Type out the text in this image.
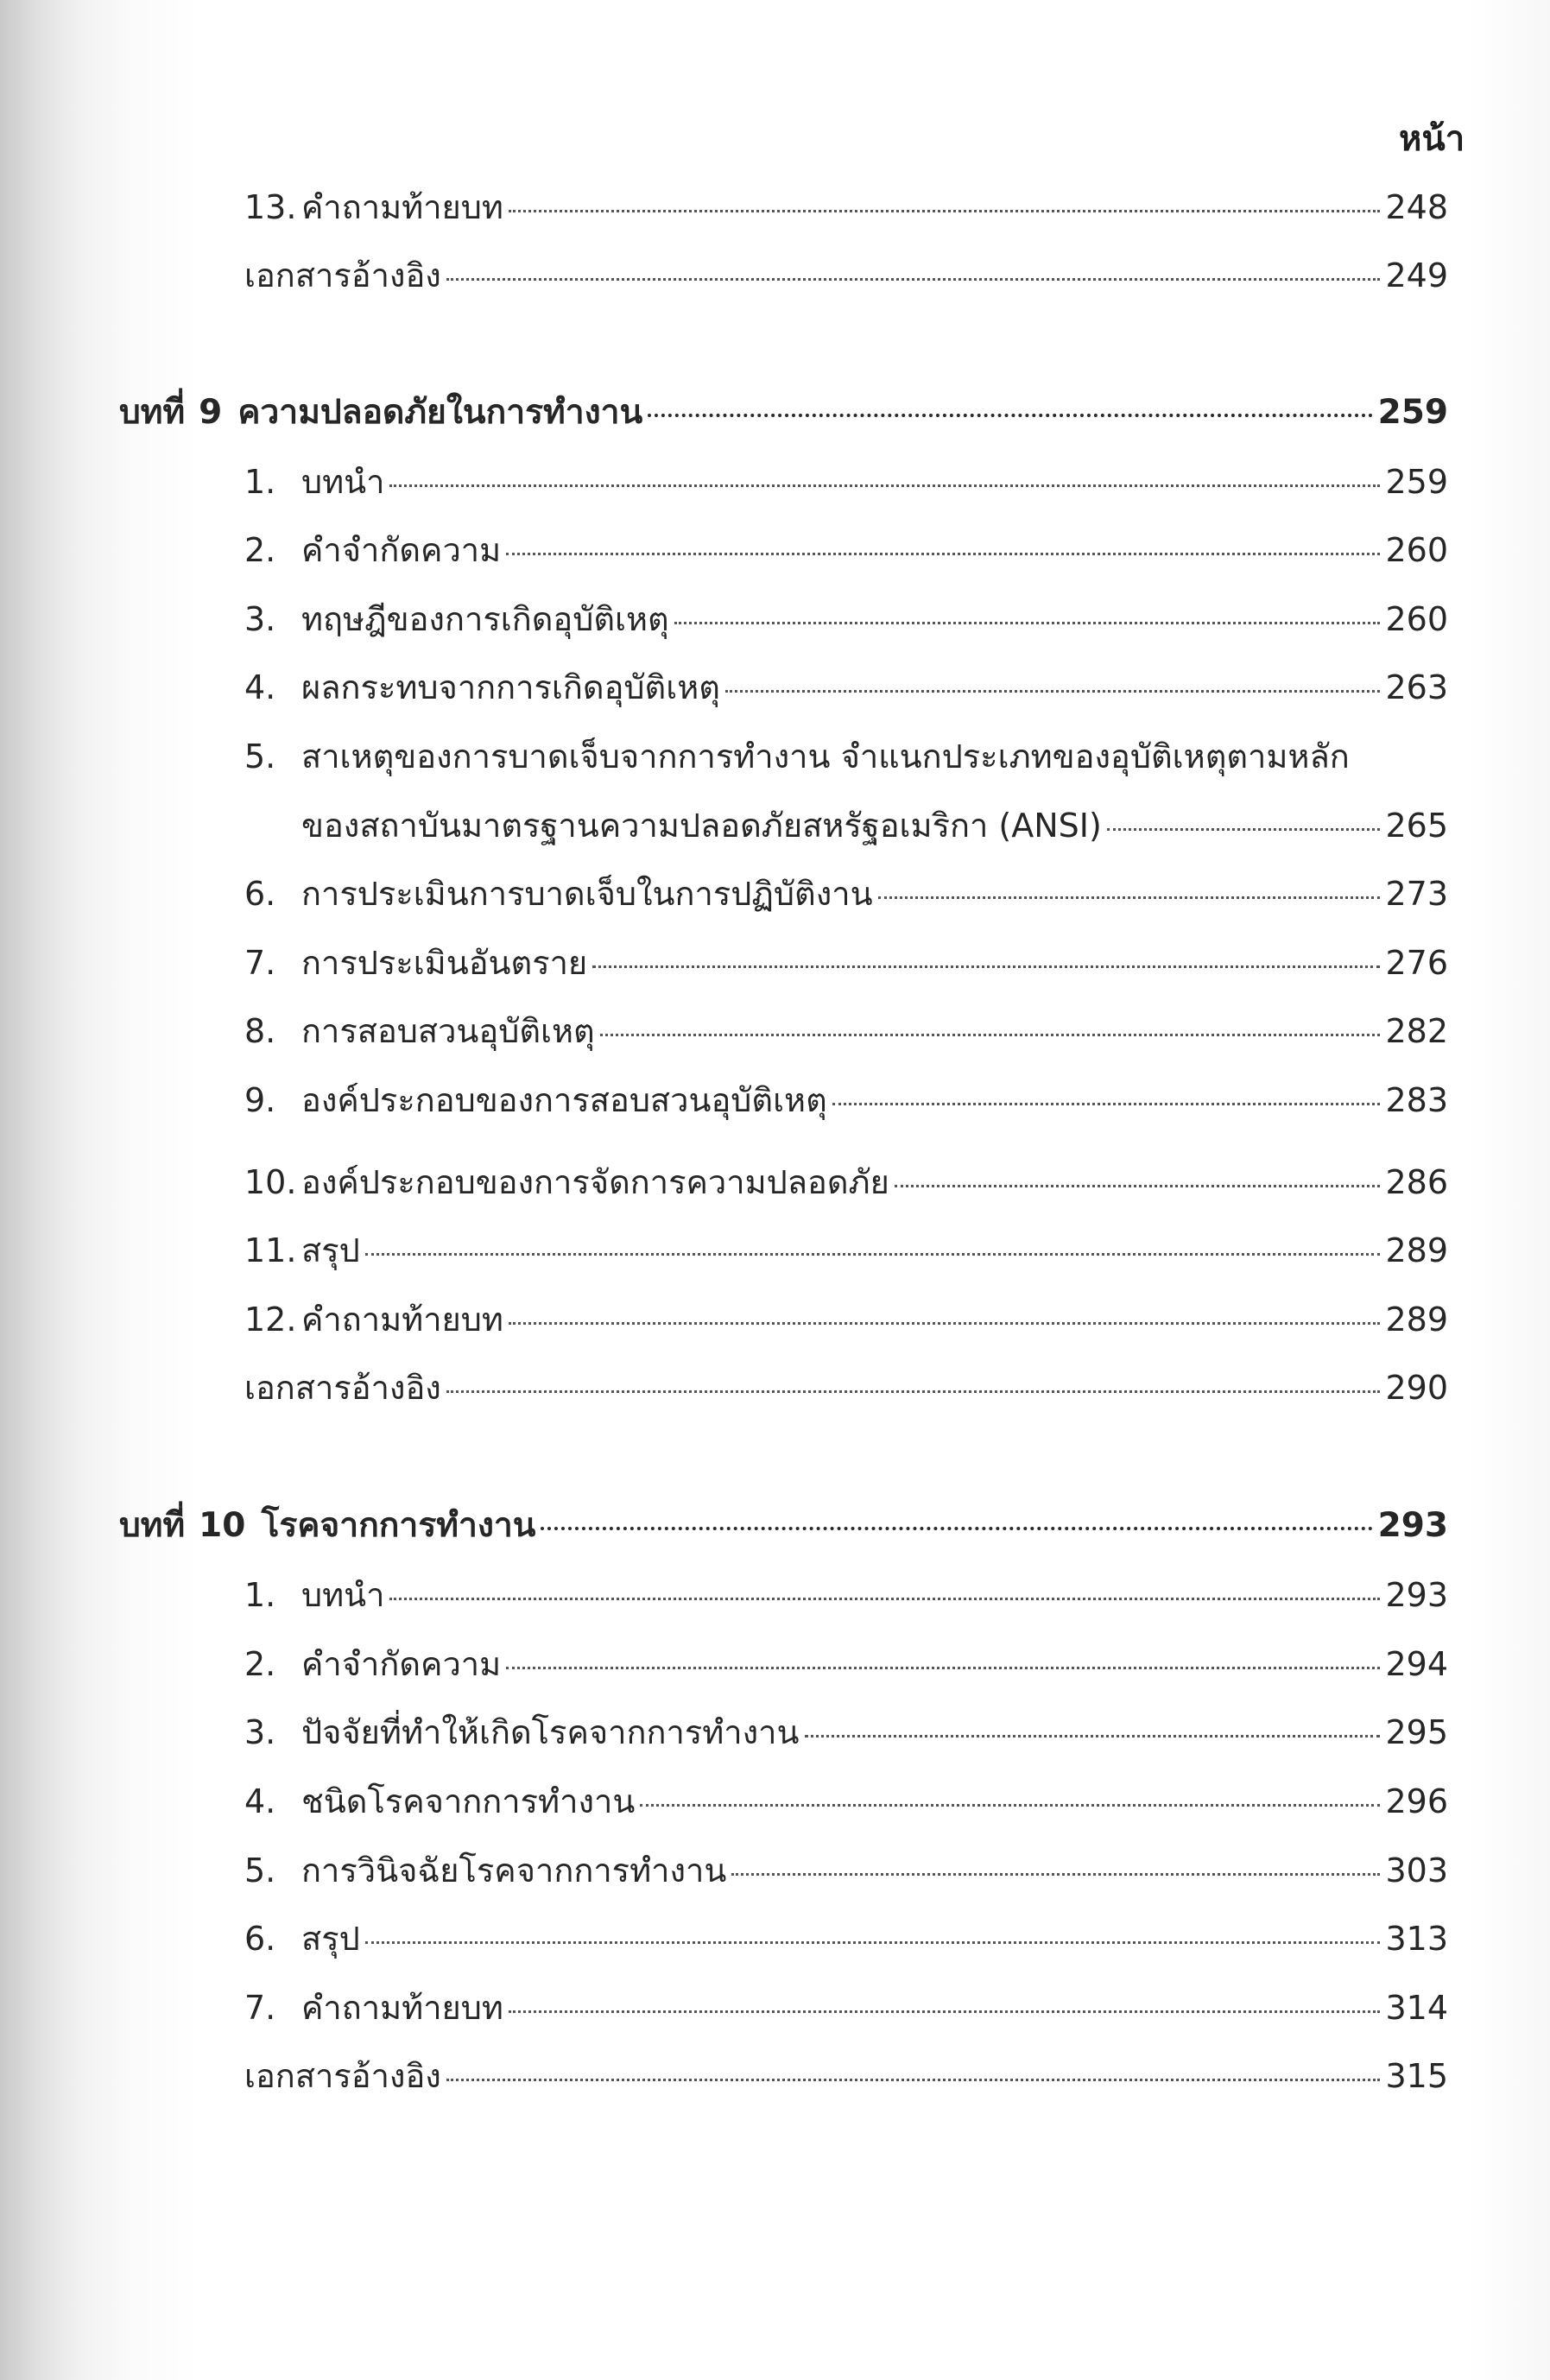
หน้า
13. คำถามท้ายบท	248
เอกสารอ้างอิง	249
บทที่ 9 ความปลอดภัยในการทำงาน	259
1. บทนำ	259
2. คำจำกัดความ	260
3. ทฤษฎีของการเกิดอุบัติเหตุ	260
4. ผลกระทบจากการเกิดอุบัติเหตุ	263
5. สาเหตุของการบาดเจ็บจากการทำงาน จำแนกประเภทของอุบัติเหตุตามหลัก
ของสถาบันมาตรฐานความปลอดภัยสหรัฐอเมริกา (ANSI)	265
6. การประเมินการบาดเจ็บในการปฏิบัติงาน	273
7. การประเมินอันตราย	276
8. การสอบสวนอุบัติเหตุ	282
9. องค์ประกอบของการสอบสวนอุบัติเหตุ	283
10. องค์ประกอบของการจัดการความปลอดภัย	286
11. สรุป	289
12. คำถามท้ายบท	289
เอกสารอ้างอิง	290
บทที่ 10 โรคจากการทำงาน	293
1. บทนำ	293
2. คำจำกัดความ	294
3. ปัจจัยที่ทำให้เกิดโรคจากการทำงาน	295
4. ชนิดโรคจากการทำงาน	296
5. การวินิจฉัยโรคจากการทำงาน	303
6. สรุป	313
7. คำถามท้ายบท	314
เอกสารอ้างอิง	315
